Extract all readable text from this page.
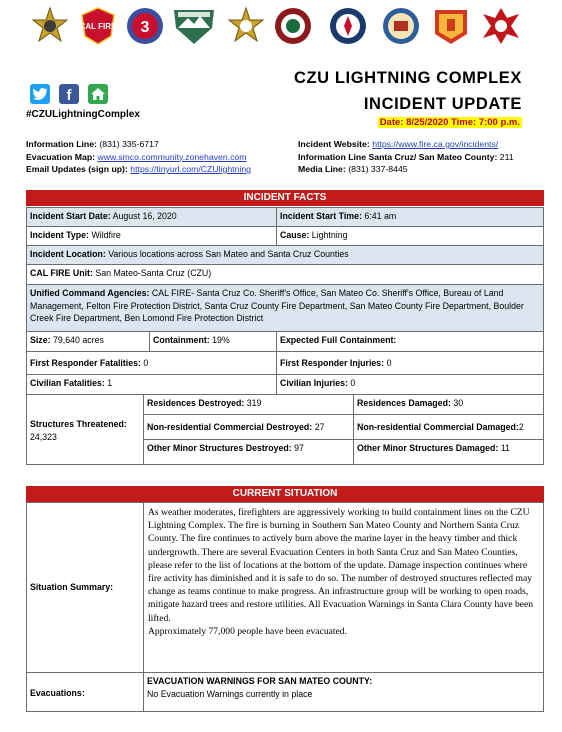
CAL FIRE 3
f
#CZULightningComplex
CZU LIGHTNING COMPLEX
INCIDENT UPDATE
Date: 8/25/2020 Time: 7:00 p.m.
Information Line: (831) 335-6717
Evacuation Map: www.smco.community.zonehaven.com
Email Updates (sign up): https://tinyurl.com/CZUlightning
Incident Website: https://www.fire.ca.gov/incidents/
Information Line Santa Cruz/ San Mateo County: 211
Media Line: (831) 337-8445
INCIDENT FACTS
Incident Start Date: August 16, 2020	Incident Start Time: 6:41 am
Incident Type: Wildfire	Cause: Lightning
Incident Location: Various locations across San Mateo and Santa Cruz Counties
CAL FIRE Unit: San Mateo-Santa Cruz (CZU)
Unified Command Agencies: CAL FIRE- Santa Cruz Co. Sheriff's Office, San Mateo Co. Sheriff's Office, Bureau of Land Management, Felton Fire Protection District, Santa Cruz County Fire Department, San Mateo County Fire Department, Boulder Creek Fire Department, Ben Lomond Fire Protection District
Size: 79,640 acres	Containment: 19%	Expected Full Containment:
First Responder Fatalities: 0	First Responder Injuries: 0
Civilian Fatalities: 1	Civilian Injuries: 0
Structures Threatened:
24,323
Residences Destroyed: 319	Residences Damaged: 30
Non-residential Commercial Destroyed: 27	Non-residential Commercial Damaged:2
Other Minor Structures Destroyed: 97	Other Minor Structures Damaged: 11
CURRENT SITUATION
Situation Summary:
As weather moderates, firefighters are aggressively working to build containment lines on the CZU Lightning Complex. The fire is burning in Southern San Mateo County and Northern Santa Cruz County. The fire continues to actively burn above the marine layer in the heavy timber and thick undergrowth. There are several Evacuation Centers in both Santa Cruz and San Mateo Counties, please refer to the list of locations at the bottom of the update. Damage inspection continues where fire activity has diminished and it is safe to do so. The number of destroyed structures reflected may change as teams continue to make progress. An infrastructure group will be working to open roads, mitigate hazard trees and restore utilities. All Evacuation Warnings in Santa Clara County have been lifted.
Approximately 77,000 people have been evacuated.
Evacuations:
EVACUATION WARNINGS FOR SAN MATEO COUNTY:
No Evacuation Warnings currently in place
